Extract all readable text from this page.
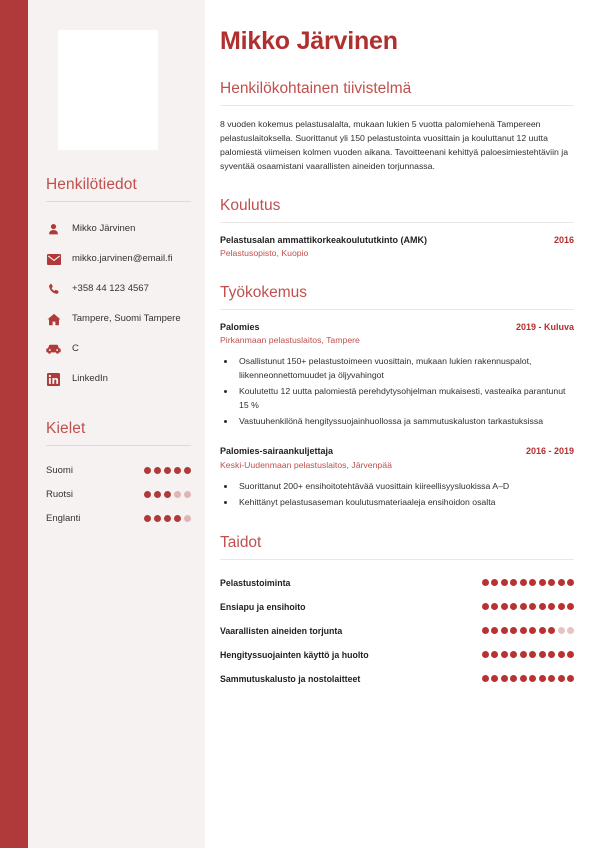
Henkilötiedot
Mikko Järvinen
mikko.jarvinen@email.fi
+358 44 123 4567
Tampere, Suomi Tampere
C
LinkedIn
Kielet
Suomi
Ruotsi
Englanti
Mikko Järvinen
Henkilökohtainen tiivistelmä

8 vuoden kokemus pelastusalalta, mukaan lukien 5 vuotta palomiehenä Tampereen pelastuslaitoksella. Suorittanut yli 150 pelastustointa vuosittain ja kouluttanut 12 uutta palomiestä viimeisen kolmen vuoden aikana. Tavoitteenani kehittyä paloesimiestehtäviin ja syventää osaamistani vaarallisten aineiden torjunnassa.

Koulutus
Pelastusalan ammattikorkeakoulututkinto (AMK)	2016
Pelastusopisto, Kuopio
Työkokemus
Palomies	2019 - Kuluva
Pirkanmaan pelastuslaitos, Tampere
• Osallistunut 150+ pelastustoimeen vuosittain, mukaan lukien rakennuspalot, liikenneonnettomuudet ja öljyvahingot
• Koulutettu 12 uutta palomiestä perehdytysohjelman mukaisesti, vasteaika parantunut 15 %
• Vastuuhenkilönä hengityssuojainhuollossa ja sammutuskaluston tarkastuksissa
Palomies-sairaankuljettaja	2016 - 2019
Keski-Uudenmaan pelastuslaitos, Järvenpää
• Suorittanut 200+ ensihoitotehtävää vuosittain kiireellisyysluokissa A–D
• Kehittänyt pelastusaseman koulutusmateriaaleja ensihoidon osalta
Taidot
Pelastustoiminta
Ensiapu ja ensihoito
Vaarallisten aineiden torjunta
Hengityssuojainten käyttö ja huolto
Sammutuskalusto ja nostolaitteet
